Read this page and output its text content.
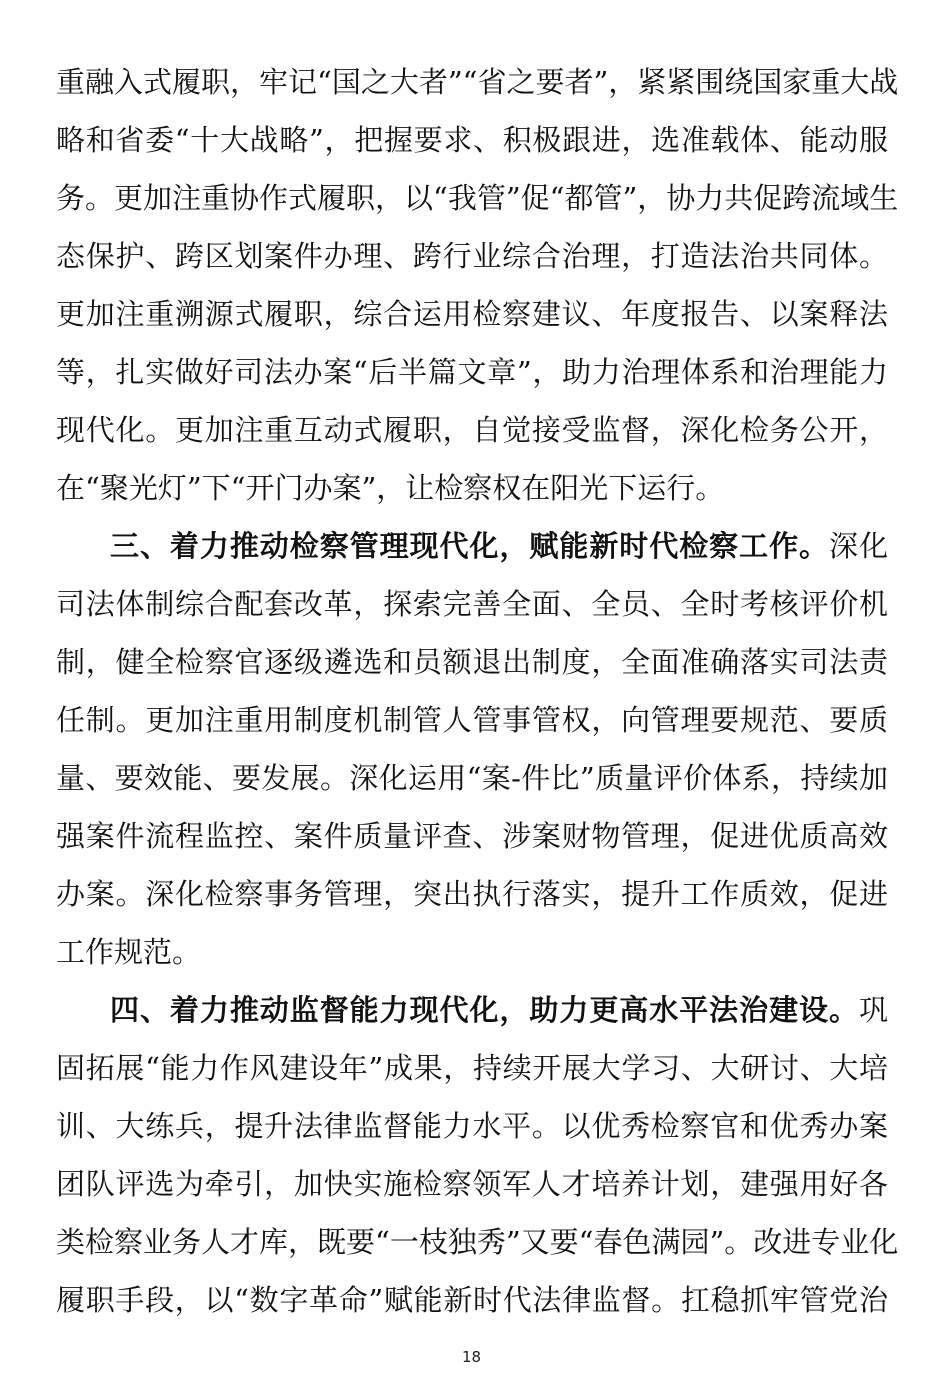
重融入式履职，牢记“国之大者”“省之要者”，紧紧围绕国家重大战
略和省委“十大战略”，把握要求、积极跟进，选准载体、能动服
务。更加注重协作式履职，以“我管”促“都管”，协力共促跨流域生
态保护、跨区划案件办理、跨行业综合治理，打造法治共同体。
更加注重溯源式履职，综合运用检察建议、年度报告、以案释法
等，扎实做好司法办案“后半篇文章”，助力治理体系和治理能力
现代化。更加注重互动式履职，自觉接受监督，深化检务公开，
在“聚光灯”下“开门办案”，让检察权在阳光下运行。
三、着力推动检察管理现代化，赋能新时代检察工作。深化
司法体制综合配套改革，探索完善全面、全员、全时考核评价机
制，健全检察官逐级遴选和员额退出制度，全面准确落实司法责
任制。更加注重用制度机制管人管事管权，向管理要规范、要质
量、要效能、要发展。深化运用“案-件比”质量评价体系，持续加
强案件流程监控、案件质量评查、涉案财物管理，促进优质高效
办案。深化检察事务管理，突出执行落实，提升工作质效，促进
工作规范。
四、着力推动监督能力现代化，助力更高水平法治建设。巩
固拓展“能力作风建设年”成果，持续开展大学习、大研讨、大培
训、大练兵，提升法律监督能力水平。以优秀检察官和优秀办案
团队评选为牵引，加快实施检察领军人才培养计划，建强用好各
类检察业务人才库，既要“一枝独秀”又要“春色满园”。改进专业化
履职手段，以“数字革命”赋能新时代法律监督。扛稳抓牢管党治
18
